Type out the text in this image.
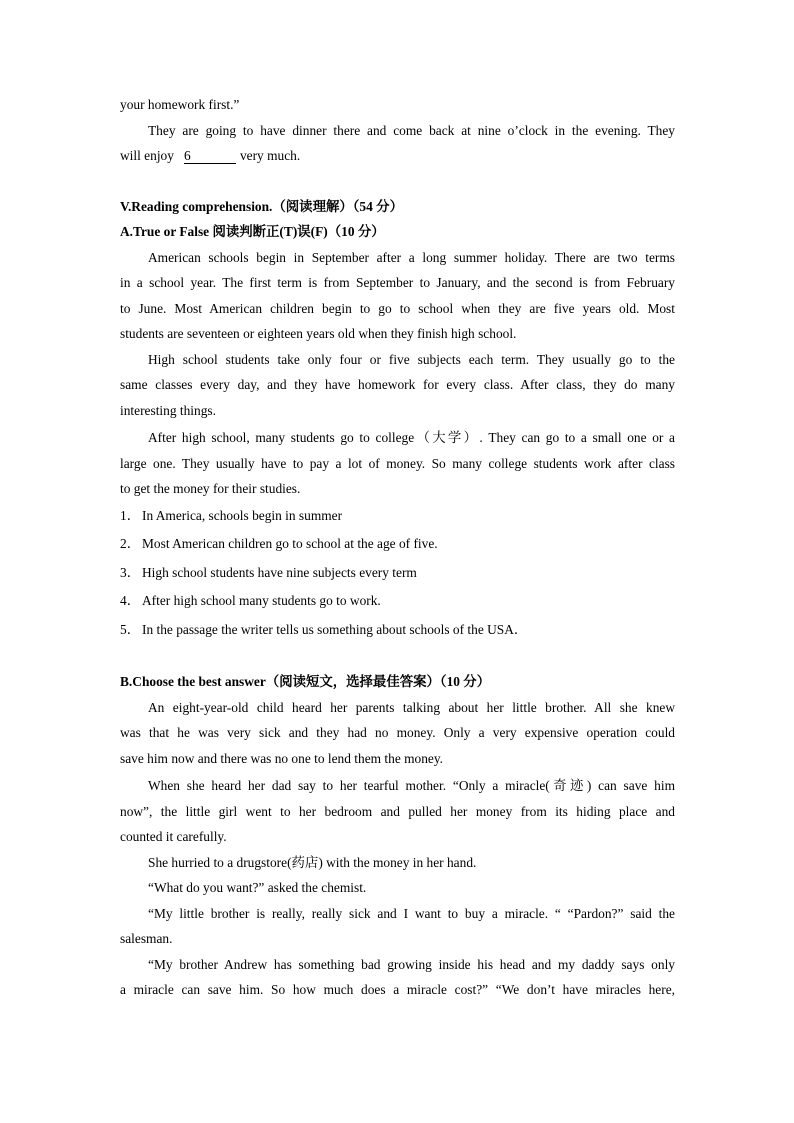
your homework first.”
They are going to have dinner there and come back at nine o’clock in the evening. They
will enjoy 6	very much.
V.Reading comprehension.（阅读理解）（54 分）
A.True or False 阅读判断正(T)误(F)（10 分）
American schools begin in September after a long summer holiday. There are two terms
in a school year. The first term is from September to January, and the second is from February
to June. Most American children begin to go to school when they are five years old. Most
students are seventeen or eighteen years old when they finish high school.
High school students take only four or five subjects each term. They usually go to the
same classes every day, and they have homework for every class. After class, they do many
interesting things.
After high school, many students go to college（大学）. They can go to a small one or a
large one. They usually have to pay a lot of money. So many college students work after class
to get the money for their studies.
1． In America, schools begin in summer
2． Most American children go to school at the age of five.
3． High school students have nine subjects every term
4． After high school many students go to work.
5． In the passage the writer tells us something about schools of the USA．
B.Choose the best answer（阅读短文，选择最佳答案）（10 分）
An eight-year-old child heard her parents talking about her little brother. All she knew
was that he was very sick and they had no money. Only a very expensive operation could
save him now and there was no one to lend them the money.
When she heard her dad say to her tearful mother. “Only a miracle(奇迹) can save him
now”, the little girl went to her bedroom and pulled her money from its hiding place and
counted it carefully.
She hurried to a drugstore(药店) with the money in her hand.
“What do you want?” asked the chemist.
“My little brother is really, really sick and I want to buy a miracle. “ “Pardon?” said the
salesman.
“My brother Andrew has something bad growing inside his head and my daddy says only
a miracle can save him. So how much does a miracle cost?” “We don’t have miracles here,
